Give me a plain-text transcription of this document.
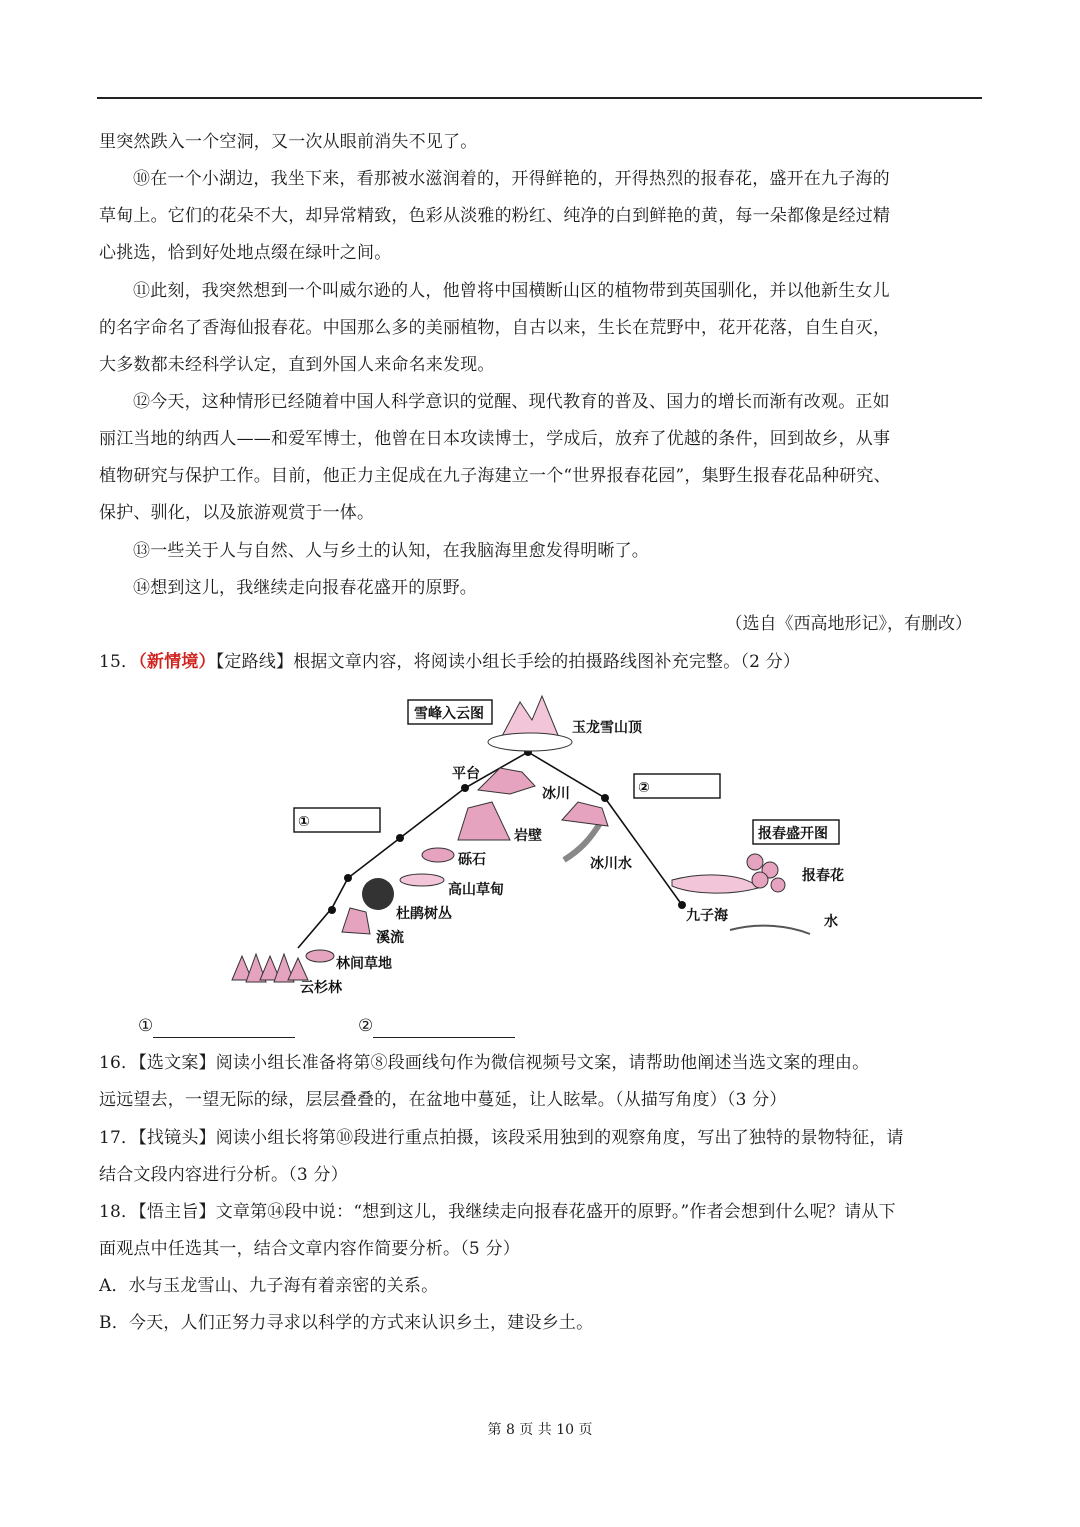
里突然跌入一个空洞，又一次从眼前消失不见了。
⑩在一个小湖边，我坐下来，看那被水滋润着的，开得鲜艳的，开得热烈的报春花，盛开在九子海的
草甸上。它们的花朵不大，却异常精致，色彩从淡雅的粉红、纯净的白到鲜艳的黄，每一朵都像是经过精
心挑选，恰到好处地点缀在绿叶之间。
⑪此刻，我突然想到一个叫威尔逊的人，他曾将中国横断山区的植物带到英国驯化，并以他新生女儿
的名字命名了香海仙报春花。中国那么多的美丽植物，自古以来，生长在荒野中，花开花落，自生自灭，
大多数都未经科学认定，直到外国人来命名来发现。
⑫今天，这种情形已经随着中国人科学意识的觉醒、现代教育的普及、国力的增长而渐有改观。正如
丽江当地的纳西人——和爱军博士，他曾在日本攻读博士，学成后，放弃了优越的条件，回到故乡，从事
植物研究与保护工作。目前，他正力主促成在九子海建立一个“世界报春花园”，集野生报春花品种研究、
保护、驯化，以及旅游观赏于一体。
⑬一些关于人与自然、人与乡土的认知，在我脑海里愈发得明晰了。
⑭想到这儿，我继续走向报春花盛开的原野。
（选自《西高地形记》，有删改）
15．（新情境）【定路线】根据文章内容，将阅读小组长手绘的拍摄路线图补充完整。（2 分）
雪峰入云图
报春盛开图
①
②
玉龙雪山顶
平台
冰川
岩壁
砾石
高山草甸
杜鹃树丛
溪流
林间草地
云杉林
冰川水
九子海
报春花
水
①	②
16．【选文案】阅读小组长准备将第⑧段画线句作为微信视频号文案，请帮助他阐述当选文案的理由。
远远望去，一望无际的绿，层层叠叠的，在盆地中蔓延，让人眩晕。（从描写角度）（3 分）
17．【找镜头】阅读小组长将第⑩段进行重点拍摄，该段采用独到的观察角度，写出了独特的景物特征，请
结合文段内容进行分析。（3 分）
18．【悟主旨】文章第⑭段中说：“想到这儿，我继续走向报春花盛开的原野。”作者会想到什么呢？请从下
面观点中任选其一，结合文章内容作简要分析。（5 分）
A．水与玉龙雪山、九子海有着亲密的关系。
B．今天，人们正努力寻求以科学的方式来认识乡土，建设乡土。
第 8 页 共 10 页
